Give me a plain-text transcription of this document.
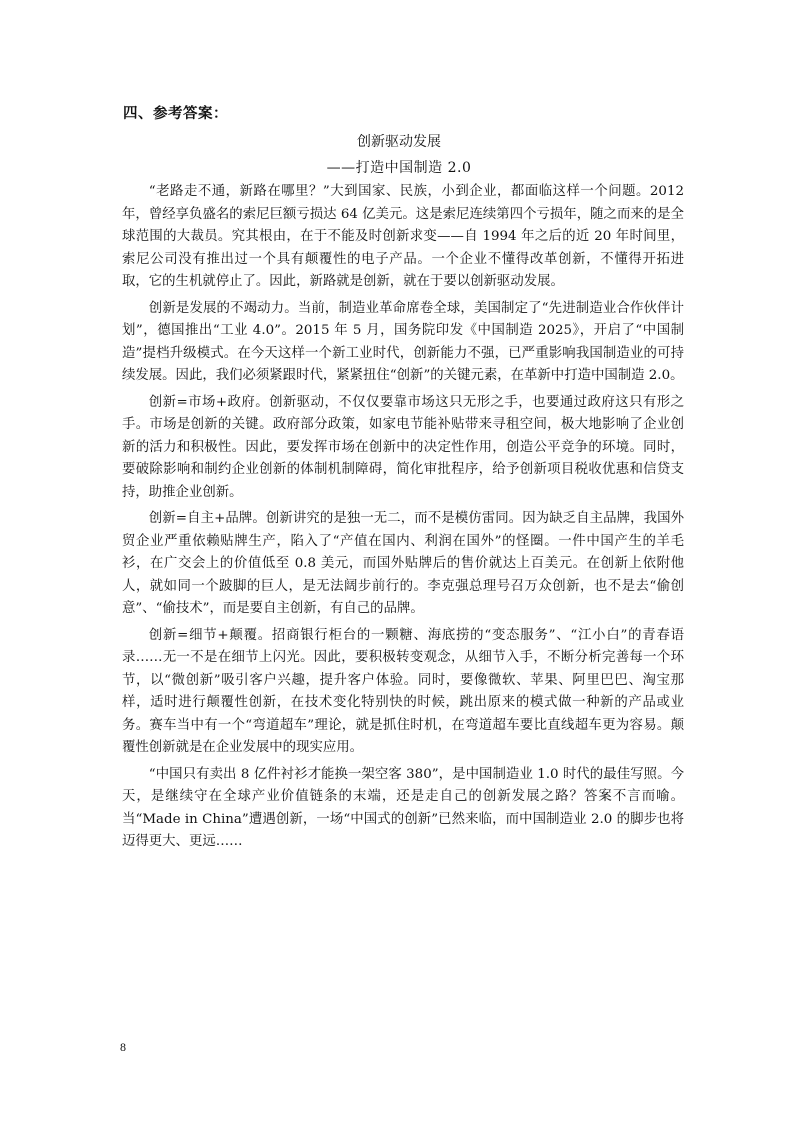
四、参考答案：
创新驱动发展
——打造中国制造 2.0

“老路走不通，新路在哪里？”大到国家、民族，小到企业，都面临这样一个问题。2012 年，曾经享负盛名的索尼巨额亏损达 64 亿美元。这是索尼连续第四个亏损年，随之而来的是全球范围的大裁员。究其根由，在于不能及时创新求变——自 1994 年之后的近 20 年时间里，索尼公司没有推出过一个具有颠覆性的电子产品。一个企业不懂得改革创新，不懂得开拓进取，它的生机就停止了。因此，新路就是创新，就在于要以创新驱动发展。

创新是发展的不竭动力。当前，制造业革命席卷全球，美国制定了“先进制造业合作伙伴计划”，德国推出“工业 4.0”。2015 年 5 月，国务院印发《中国制造 2025》，开启了“中国制造”提档升级模式。在今天这样一个新工业时代，创新能力不强，已严重影响我国制造业的可持续发展。因此，我们必须紧跟时代，紧紧扭住“创新”的关键元素，在革新中打造中国制造 2.0。

创新=市场+政府。创新驱动，不仅仅要靠市场这只无形之手，也要通过政府这只有形之手。市场是创新的关键。政府部分政策，如家电节能补贴带来寻租空间，极大地影响了企业创新的活力和积极性。因此，要发挥市场在创新中的决定性作用，创造公平竞争的环境。同时，要破除影响和制约企业创新的体制机制障碍，简化审批程序，给予创新项目税收优惠和信贷支持，助推企业创新。

创新=自主+品牌。创新讲究的是独一无二，而不是模仿雷同。因为缺乏自主品牌，我国外贸企业严重依赖贴牌生产，陷入了“产值在国内、利润在国外”的怪圈。一件中国产生的羊毛衫，在广交会上的价值低至 0.8 美元，而国外贴牌后的售价就达上百美元。在创新上依附他人，就如同一个跛脚的巨人，是无法阔步前行的。李克强总理号召万众创新，也不是去“偷创意”、“偷技术”，而是要自主创新，有自己的品牌。

创新=细节+颠覆。招商银行柜台的一颗糖、海底捞的“变态服务”、“江小白”的青春语录……无一不是在细节上闪光。因此，要积极转变观念，从细节入手，不断分析完善每一个环节，以“微创新”吸引客户兴趣，提升客户体验。同时，要像微软、苹果、阿里巴巴、淘宝那样，适时进行颠覆性创新，在技术变化特别快的时候，跳出原来的模式做一种新的产品或业务。赛车当中有一个“弯道超车”理论，就是抓住时机，在弯道超车要比直线超车更为容易。颠覆性创新就是在企业发展中的现实应用。

“中国只有卖出 8 亿件衬衫才能换一架空客 380”，是中国制造业 1.0 时代的最佳写照。今天，是继续守在全球产业价值链条的末端，还是走自己的创新发展之路？答案不言而喻。当“Made in China”遭遇创新，一场“中国式的创新”已然来临，而中国制造业 2.0 的脚步也将迈得更大、更远……

8
